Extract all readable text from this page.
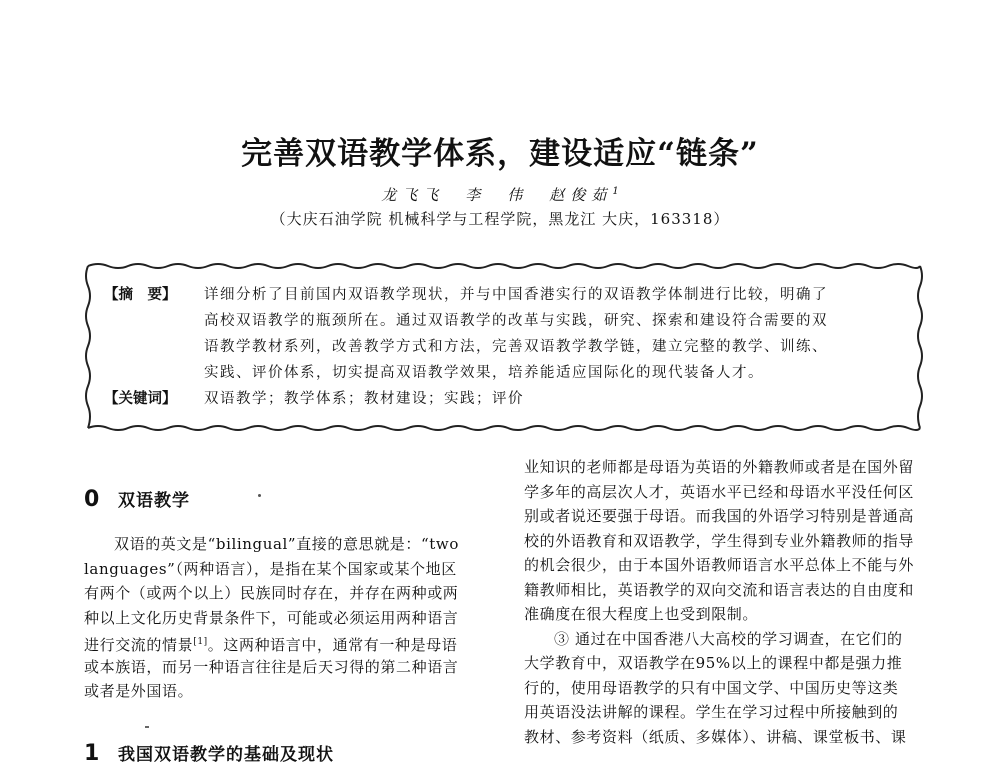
完善双语教学体系，建设适应“链条”
龙飞飞　李　伟　赵俊茹$^1$
（大庆石油学院 机械科学与工程学院，黑龙江 大庆，163318）
【摘　要】	详细分析了目前国内双语教学现状，并与中国香港实行的双语教学体制进行比较，明确了
高校双语教学的瓶颈所在。通过双语教学的改革与实践，研究、探索和建设符合需要的双
语教学教材系列，改善教学方式和方法，完善双语教学教学链，建立完整的教学、训练、
实践、评价体系，切实提高双语教学效果，培养能适应国际化的现代装备人才。
【关键词】	双语教学；教学体系；教材建设；实践；评价
0 双语教学
双语的英文是“bilingual”直接的意思就是：“two
languages”（两种语言），是指在某个国家或某个地区
有两个（或两个以上）民族同时存在，并存在两种或两
种以上文化历史背景条件下，可能或必须运用两种语言
进行交流的情景[1]。这两种语言中，通常有一种是母语
或本族语，而另一种语言往往是后天习得的第二种语言
或者是外国语。
1 我国双语教学的基础及现状
业知识的老师都是母语为英语的外籍教师或者是在国外留
学多年的高层次人才，英语水平已经和母语水平没任何区
别或者说还要强于母语。而我国的外语学习特别是普通高
校的外语教育和双语教学，学生得到专业外籍教师的指导
的机会很少，由于本国外语教师语言水平总体上不能与外
籍教师相比，英语教学的双向交流和语言表达的自由度和
准确度在很大程度上也受到限制。
③ 通过在中国香港八大高校的学习调查，在它们的
大学教育中，双语教学在95%以上的课程中都是强力推
行的，使用母语教学的只有中国文学、中国历史等这类
用英语没法讲解的课程。学生在学习过程中所接触到的
教材、参考资料（纸质、多媒体）、讲稿、课堂板书、课
